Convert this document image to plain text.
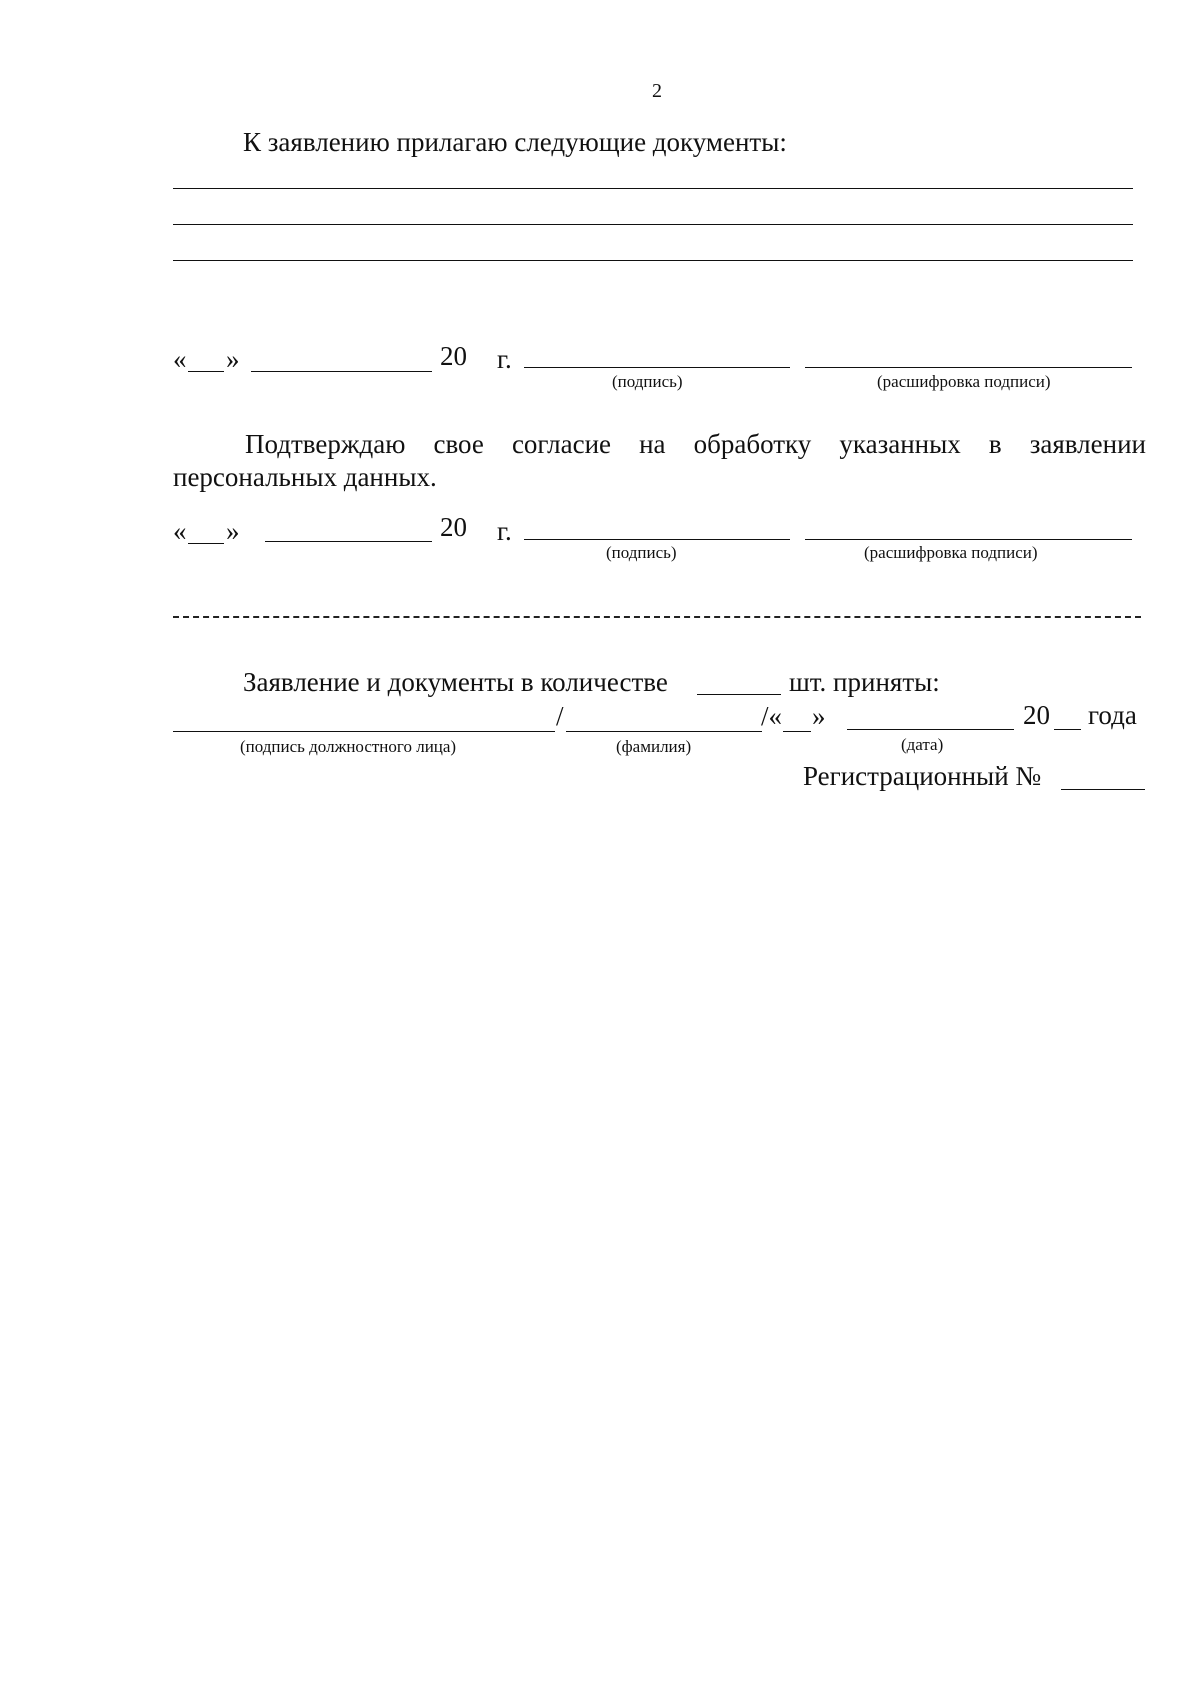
2
К заявлению прилагаю следующие документы:
« »	20 г.
(подпись)	(расшифровка подписи)
Подтверждаю свое согласие на обработку указанных в заявлении
персональных данных.
« »	20 г.
(подпись)	(расшифровка подписи)
Заявление и документы в количестве	шт. приняты:
/	/« »	20 года
(подпись должностного лица)	(фамилия)	(дата)
Регистрационный №
